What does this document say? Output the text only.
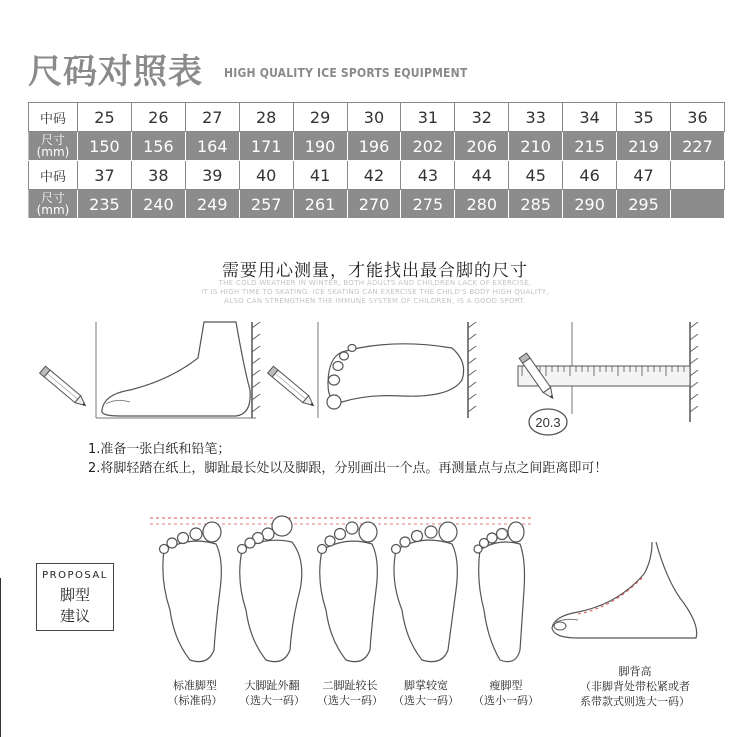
尺码对照表 HIGH QUALITY ICE SPORTS EQUIPMENT
中码	25	26	27	28	29	30	31	32	33	34	35	36
尺寸
(mm)	150	156	164	171	190	196	202	206	210	215	219	227
中码	37	38	39	40	41	42	43	44	45	46	47	
尺寸
(mm)	235	240	249	257	261	270	275	280	285	290	295	
需要用心测量，才能找出最合脚的尺寸
THE COLD WEATHER IN WINTER, BOTH ADULTS AND CHILDREN LACK OF EXERCISE,
IT IS HIGH TIME TO SKATING. ICE SKATING CAN EXERCISE THE CHILD'S BODY HIGH QUALITY,
ALSO CAN STRENGTHEN THE IMMUNE SYSTEM OF CHILDREN, IS A GOOD SPORT.
20.3
1.准备一张白纸和铅笔；
2.将脚轻踏在纸上，脚趾最长处以及脚跟，分别画出一个点。再测量点与点之间距离即可！
PROPOSAL
脚型
建议
标准脚型
（标准码）
大脚趾外翻
（选大一码）
二脚趾较长
（选大一码）
脚掌较宽
（选大一码）
瘦脚型
（选小一码）
脚背高
（非脚背处带松紧或者
系带款式则选大一码）
